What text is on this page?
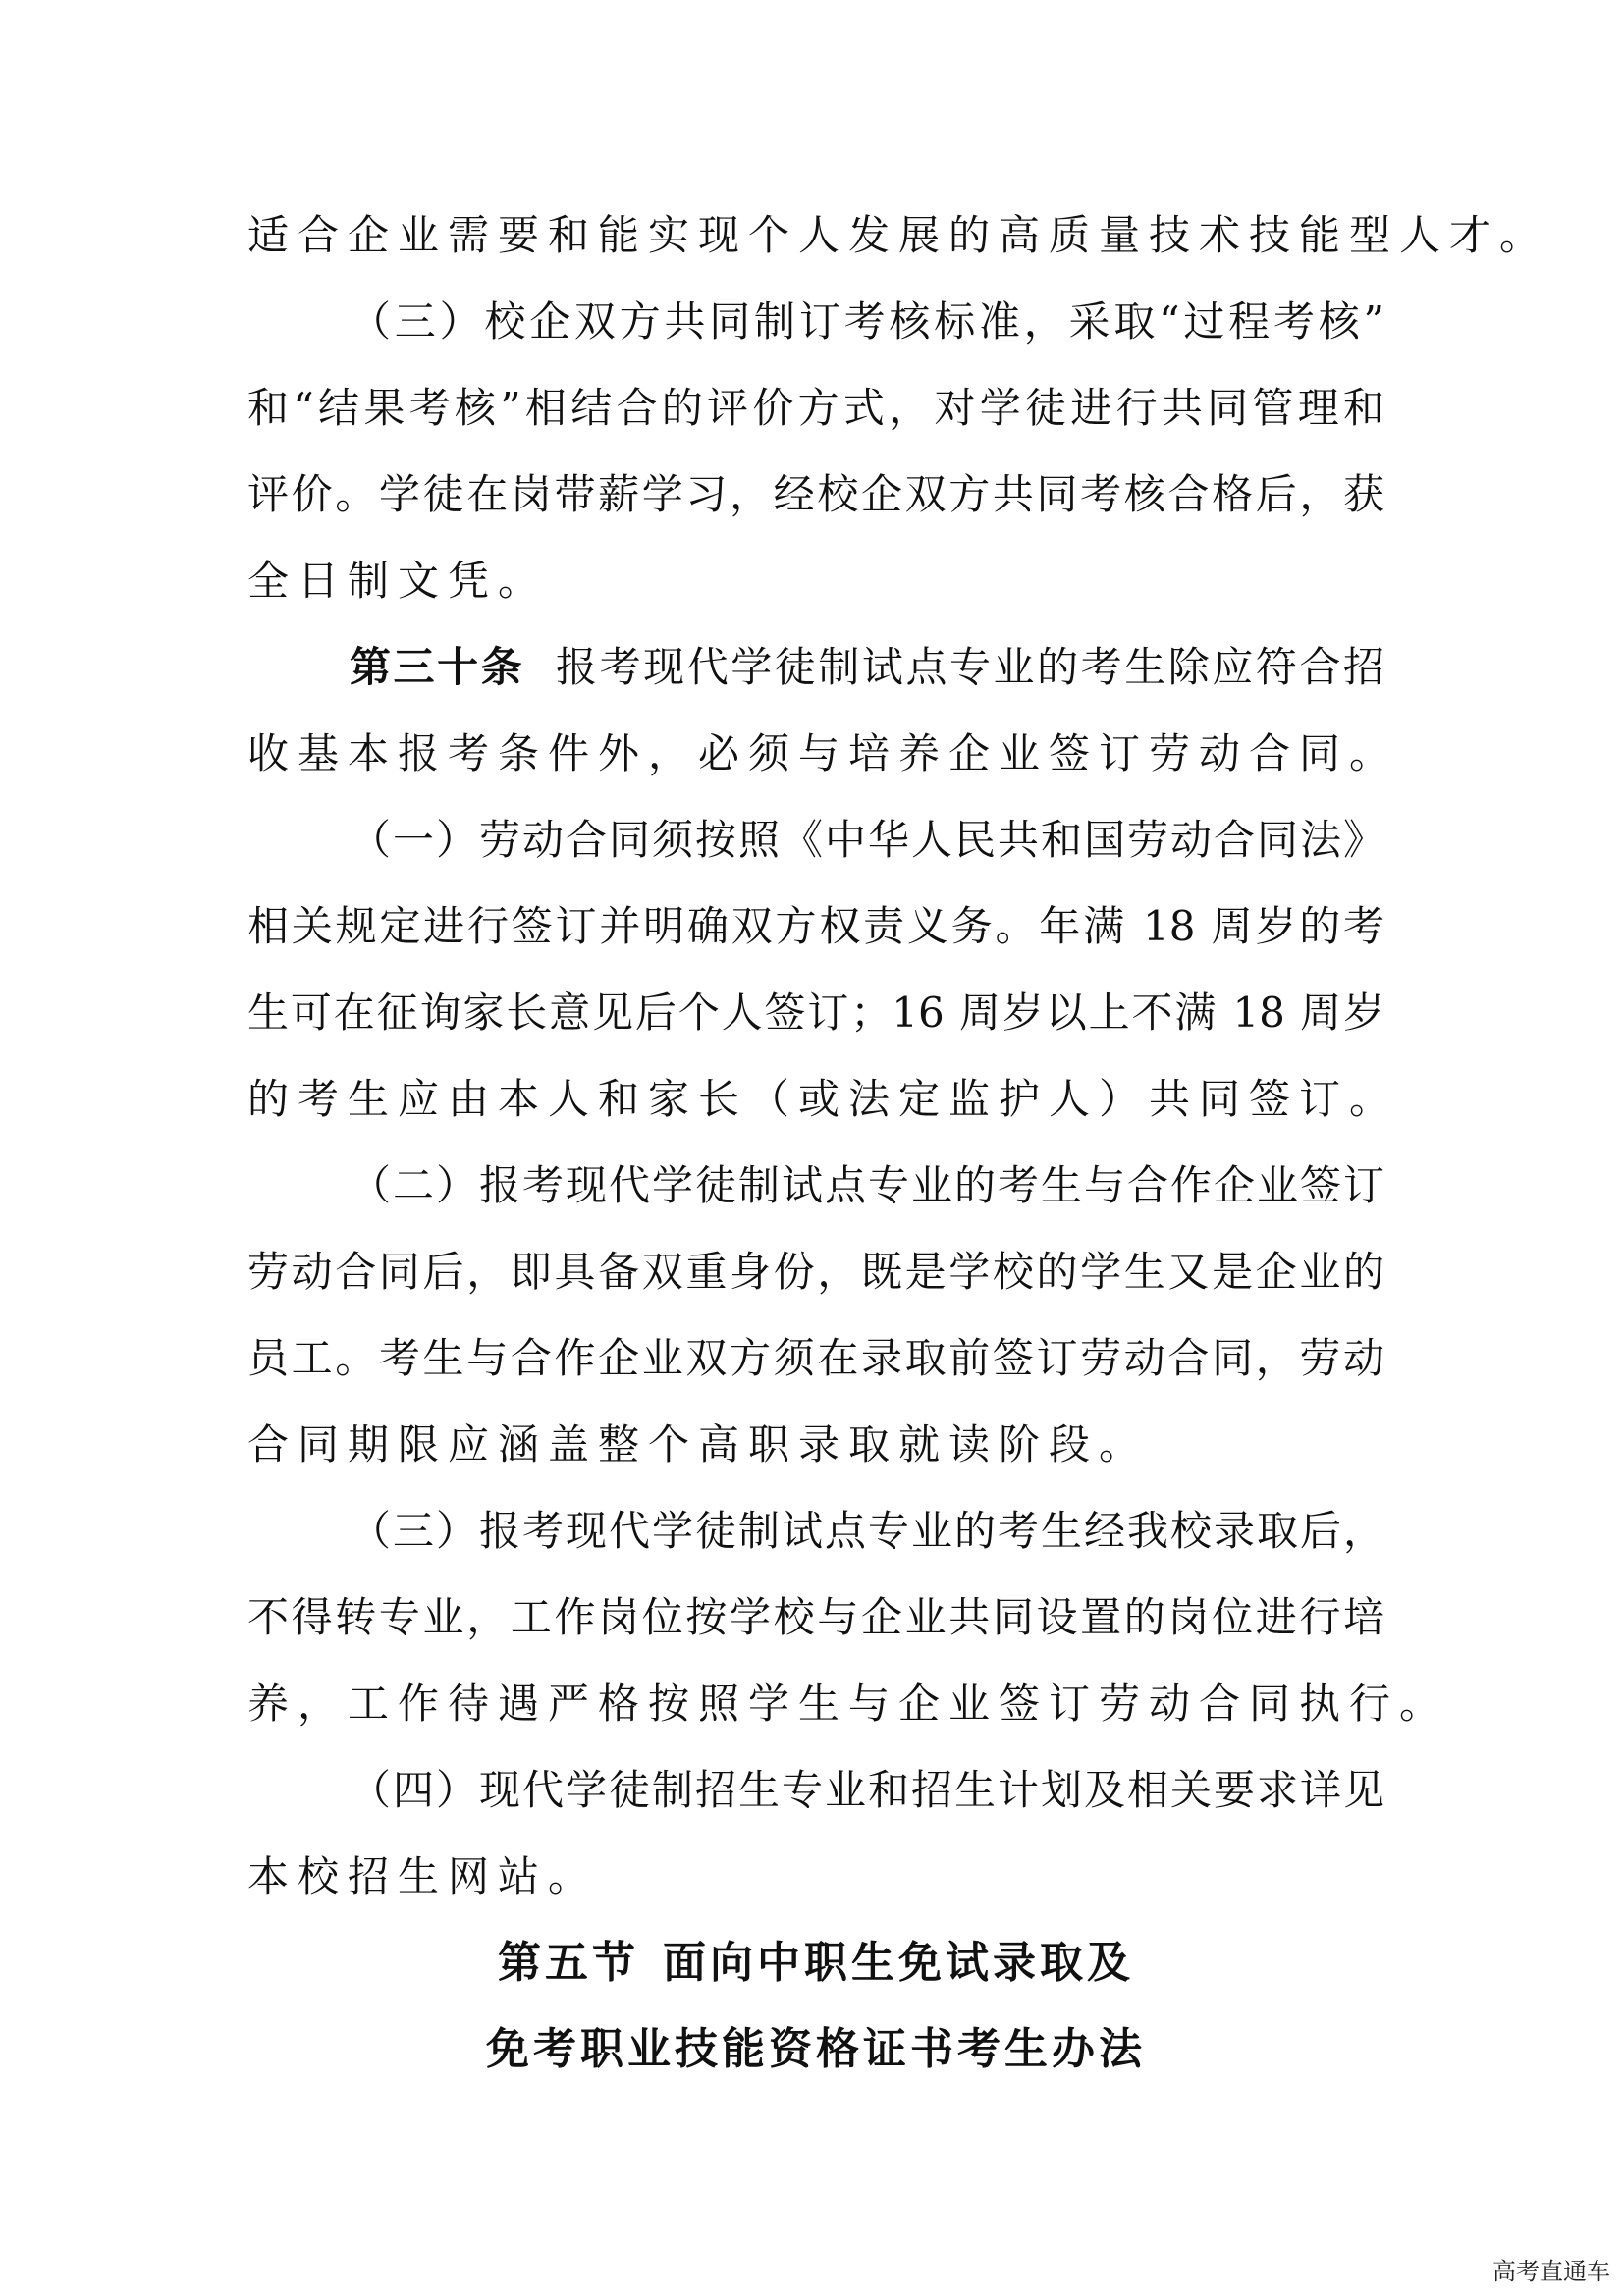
适合企业需要和能实现个人发展的高质量技术技能型人才。
（三）校企双方共同制订考核标准，采取“过程考核”
和“结果考核”相结合的评价方式，对学徒进行共同管理和
评价。学徒在岗带薪学习，经校企双方共同考核合格后，获
全日制文凭。
第三十条 报考现代学徒制试点专业的考生除应符合招
收基本报考条件外，必须与培养企业签订劳动合同。
（一）劳动合同须按照《中华人民共和国劳动合同法》
相关规定进行签订并明确双方权责义务。年满 18 周岁的考
生可在征询家长意见后个人签订；16 周岁以上不满 18 周岁
的考生应由本人和家长（或法定监护人）共同签订。
（二）报考现代学徒制试点专业的考生与合作企业签订
劳动合同后，即具备双重身份，既是学校的学生又是企业的
员工。考生与合作企业双方须在录取前签订劳动合同，劳动
合同期限应涵盖整个高职录取就读阶段。
（三）报考现代学徒制试点专业的考生经我校录取后，
不得转专业，工作岗位按学校与企业共同设置的岗位进行培
养，工作待遇严格按照学生与企业签订劳动合同执行。
（四）现代学徒制招生专业和招生计划及相关要求详见
本校招生网站。
第五节 面向中职生免试录取及
免考职业技能资格证书考生办法
高考直通车
